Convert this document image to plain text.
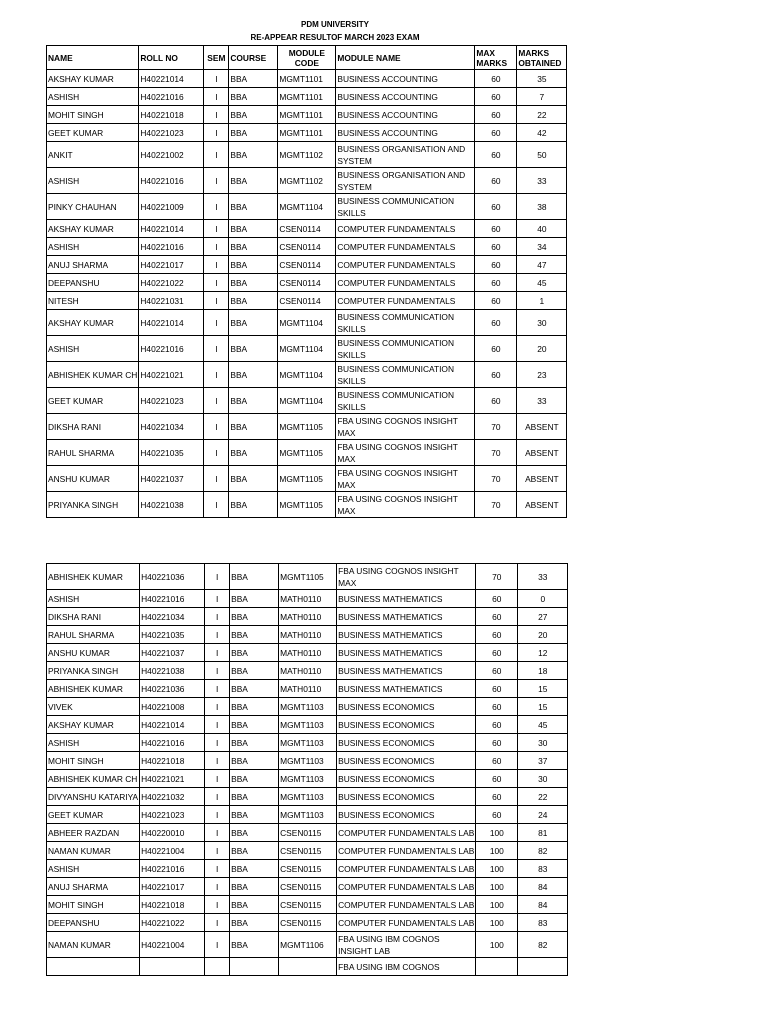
PDM UNIVERSITY
RE-APPEAR RESULTOF MARCH 2023 EXAM
NAME	ROLL NO	SEM	COURSE	MODULE CODE	MODULE NAME	MAX MARKS	MARKS OBTAINED
AKSHAY KUMAR	H40221014	I	BBA	MGMT1101	BUSINESS ACCOUNTING	60	35
ASHISH	H40221016	I	BBA	MGMT1101	BUSINESS ACCOUNTING	60	7
MOHIT SINGH	H40221018	I	BBA	MGMT1101	BUSINESS ACCOUNTING	60	22
GEET KUMAR	H40221023	I	BBA	MGMT1101	BUSINESS ACCOUNTING	60	42
ANKIT	H40221002	I	BBA	MGMT1102	BUSINESS ORGANISATION AND SYSTEM	60	50
ASHISH	H40221016	I	BBA	MGMT1102	BUSINESS ORGANISATION AND SYSTEM	60	33
PINKY CHAUHAN	H40221009	I	BBA	MGMT1104	BUSINESS COMMUNICATION SKILLS	60	38
AKSHAY KUMAR	H40221014	I	BBA	CSEN0114	COMPUTER FUNDAMENTALS	60	40
ASHISH	H40221016	I	BBA	CSEN0114	COMPUTER FUNDAMENTALS	60	34
ANUJ SHARMA	H40221017	I	BBA	CSEN0114	COMPUTER FUNDAMENTALS	60	47
DEEPANSHU	H40221022	I	BBA	CSEN0114	COMPUTER FUNDAMENTALS	60	45
NITESH	H40221031	I	BBA	CSEN0114	COMPUTER FUNDAMENTALS	60	1
AKSHAY KUMAR	H40221014	I	BBA	MGMT1104	BUSINESS COMMUNICATION SKILLS	60	30
ASHISH	H40221016	I	BBA	MGMT1104	BUSINESS COMMUNICATION SKILLS	60	20
ABHISHEK KUMAR CH	H40221021	I	BBA	MGMT1104	BUSINESS COMMUNICATION SKILLS	60	23
GEET KUMAR	H40221023	I	BBA	MGMT1104	BUSINESS COMMUNICATION SKILLS	60	33
DIKSHA RANI	H40221034	I	BBA	MGMT1105	FBA USING COGNOS INSIGHT MAX	70	ABSENT
RAHUL SHARMA	H40221035	I	BBA	MGMT1105	FBA USING COGNOS INSIGHT MAX	70	ABSENT
ANSHU KUMAR	H40221037	I	BBA	MGMT1105	FBA USING COGNOS INSIGHT MAX	70	ABSENT
PRIYANKA SINGH	H40221038	I	BBA	MGMT1105	FBA USING COGNOS INSIGHT MAX	70	ABSENT
ABHISHEK KUMAR	H40221036	I	BBA	MGMT1105	FBA USING COGNOS INSIGHT MAX	70	33
ASHISH	H40221016	I	BBA	MATH0110	BUSINESS MATHEMATICS	60	0
DIKSHA RANI	H40221034	I	BBA	MATH0110	BUSINESS MATHEMATICS	60	27
RAHUL SHARMA	H40221035	I	BBA	MATH0110	BUSINESS MATHEMATICS	60	20
ANSHU KUMAR	H40221037	I	BBA	MATH0110	BUSINESS MATHEMATICS	60	12
PRIYANKA SINGH	H40221038	I	BBA	MATH0110	BUSINESS MATHEMATICS	60	18
ABHISHEK KUMAR	H40221036	I	BBA	MATH0110	BUSINESS MATHEMATICS	60	15
VIVEK	H40221008	I	BBA	MGMT1103	BUSINESS ECONOMICS	60	15
AKSHAY KUMAR	H40221014	I	BBA	MGMT1103	BUSINESS ECONOMICS	60	45
ASHISH	H40221016	I	BBA	MGMT1103	BUSINESS ECONOMICS	60	30
MOHIT SINGH	H40221018	I	BBA	MGMT1103	BUSINESS ECONOMICS	60	37
ABHISHEK KUMAR CH	H40221021	I	BBA	MGMT1103	BUSINESS ECONOMICS	60	30
DIVYANSHU KATARIYA	H40221032	I	BBA	MGMT1103	BUSINESS ECONOMICS	60	22
GEET KUMAR	H40221023	I	BBA	MGMT1103	BUSINESS ECONOMICS	60	24
ABHEER RAZDAN	H40220010	I	BBA	CSEN0115	COMPUTER FUNDAMENTALS LAB	100	81
NAMAN KUMAR	H40221004	I	BBA	CSEN0115	COMPUTER FUNDAMENTALS LAB	100	82
ASHISH	H40221016	I	BBA	CSEN0115	COMPUTER FUNDAMENTALS LAB	100	83
ANUJ SHARMA	H40221017	I	BBA	CSEN0115	COMPUTER FUNDAMENTALS LAB	100	84
MOHIT SINGH	H40221018	I	BBA	CSEN0115	COMPUTER FUNDAMENTALS LAB	100	84
DEEPANSHU	H40221022	I	BBA	CSEN0115	COMPUTER FUNDAMENTALS LAB	100	83
NAMAN KUMAR	H40221004	I	BBA	MGMT1106	FBA USING IBM COGNOS INSIGHT LAB	100	82
					FBA USING IBM COGNOS		
